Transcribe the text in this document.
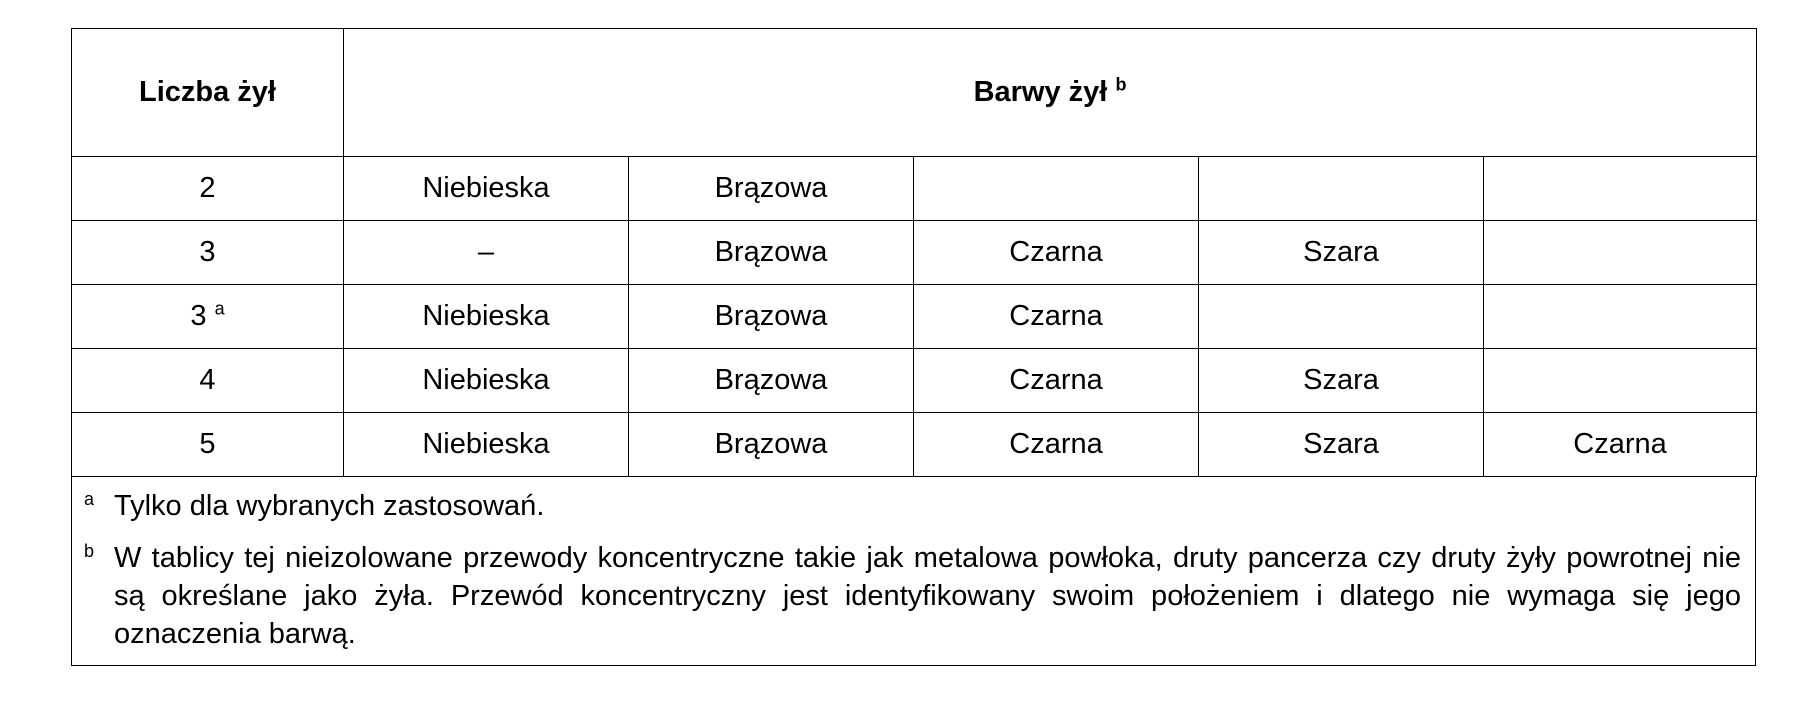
Liczba żył	Barwy żył $^b$
2	Niebieska	Brązowa			
3	–	Brązowa	Czarna	Szara	
3 $^a$	Niebieska	Brązowa	Czarna		
4	Niebieska	Brązowa	Czarna	Szara	
5	Niebieska	Brązowa	Czarna	Szara	Czarna
a Tylko dla wybranych zastosowań.
b W tablicy tej nieizolowane przewody koncentryczne takie jak metalowa powłoka, druty pancerza czy druty żyły powrotnej nie są określane jako żyła. Przewód koncentryczny jest identyfikowany swoim położeniem i dlatego nie wymaga się jego oznaczenia barwą.
